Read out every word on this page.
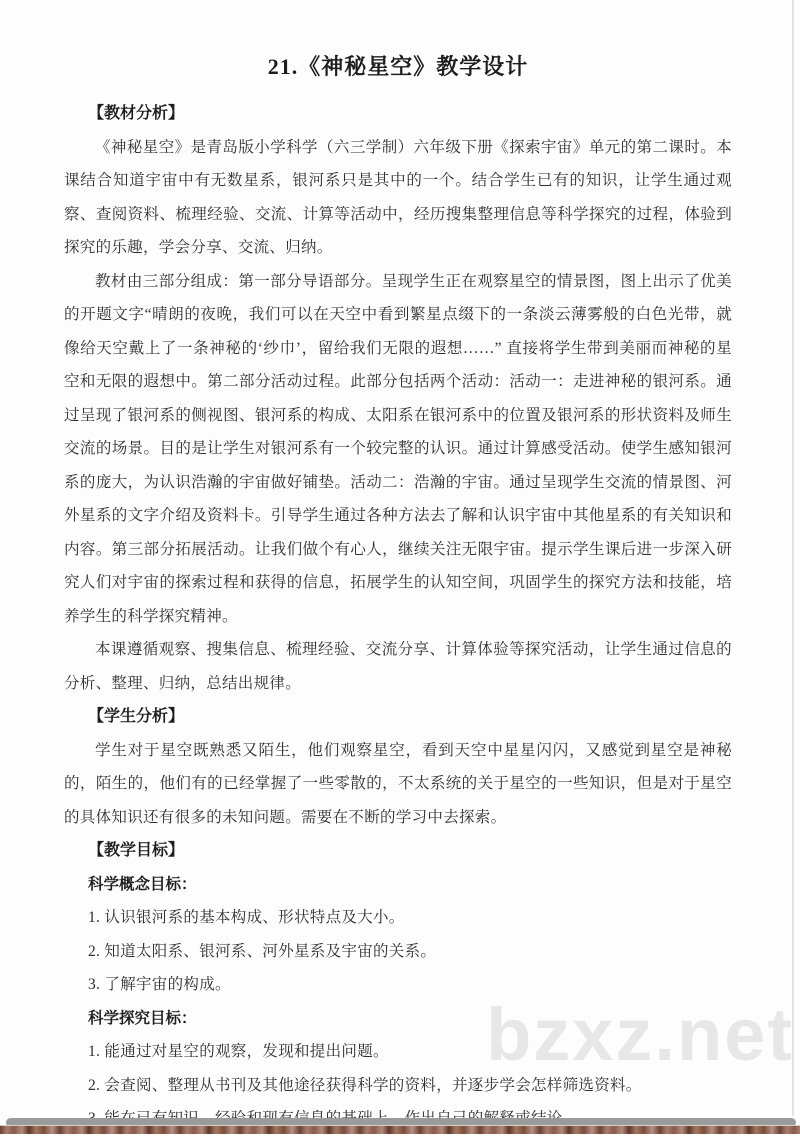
21.《神秘星空》教学设计
【教材分析】

《神秘星空》是青岛版小学科学（六三学制）六年级下册《探索宇宙》单元的第二课时。本课结合知道宇宙中有无数星系，银河系只是其中的一个。结合学生已有的知识，让学生通过观察、查阅资料、梳理经验、交流、计算等活动中，经历搜集整理信息等科学探究的过程，体验到探究的乐趣，学会分享、交流、归纳。

教材由三部分组成：第一部分导语部分。呈现学生正在观察星空的情景图，图上出示了优美的开题文字“晴朗的夜晚，我们可以在天空中看到繁星点缀下的一条淡云薄雾般的白色光带，就像给天空戴上了一条神秘的‘纱巾’，留给我们无限的遐想……” 直接将学生带到美丽而神秘的星空和无限的遐想中。第二部分活动过程。此部分包括两个活动：活动一：走进神秘的银河系。通过呈现了银河系的侧视图、银河系的构成、太阳系在银河系中的位置及银河系的形状资料及师生交流的场景。目的是让学生对银河系有一个较完整的认识。通过计算感受活动。使学生感知银河系的庞大，为认识浩瀚的宇宙做好铺垫。活动二：浩瀚的宇宙。通过呈现学生交流的情景图、河外星系的文字介绍及资料卡。引导学生通过各种方法去了解和认识宇宙中其他星系的有关知识和内容。第三部分拓展活动。让我们做个有心人，继续关注无限宇宙。提示学生课后进一步深入研究人们对宇宙的探索过程和获得的信息，拓展学生的认知空间，巩固学生的探究方法和技能，培养学生的科学探究精神。

本课遵循观察、搜集信息、梳理经验、交流分享、计算体验等探究活动，让学生通过信息的分析、整理、归纳，总结出规律。

【学生分析】

学生对于星空既熟悉又陌生，他们观察星空，看到天空中星星闪闪，又感觉到星空是神秘的，陌生的，他们有的已经掌握了一些零散的，不太系统的关于星空的一些知识，但是对于星空的具体知识还有很多的未知问题。需要在不断的学习中去探索。

【教学目标】
科学概念目标：
1. 认识银河系的基本构成、形状特点及大小。
2. 知道太阳系、银河系、河外星系及宇宙的关系。
3. 了解宇宙的构成。
科学探究目标：
1. 能通过对星空的观察，发现和提出问题。
2. 会查阅、整理从书刊及其他途径获得科学的资料，并逐步学会怎样筛选资料。
bzxz.net
